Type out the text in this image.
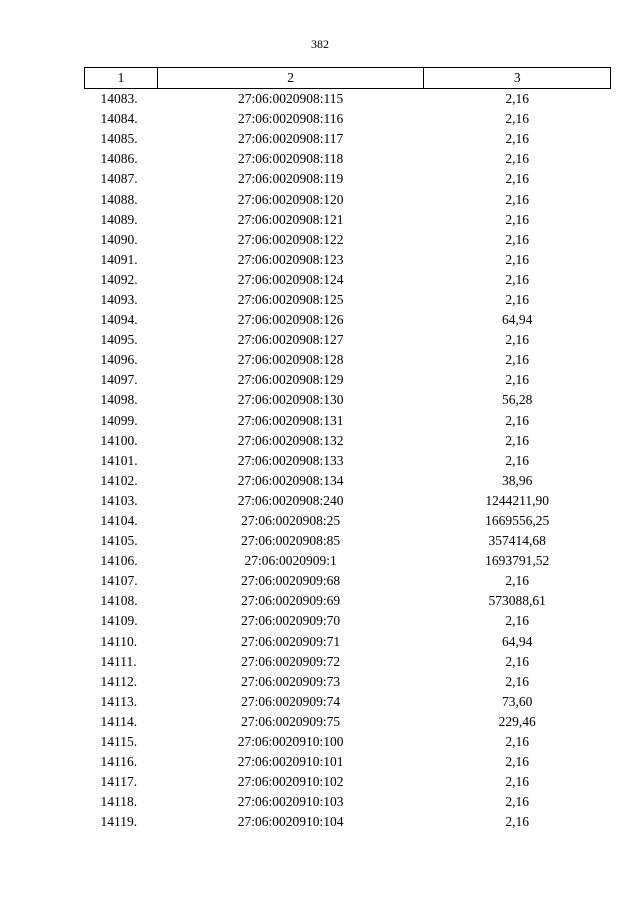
382
1	2	3
14083.	27:06:0020908:115	2,16
14084.	27:06:0020908:116	2,16
14085.	27:06:0020908:117	2,16
14086.	27:06:0020908:118	2,16
14087.	27:06:0020908:119	2,16
14088.	27:06:0020908:120	2,16
14089.	27:06:0020908:121	2,16
14090.	27:06:0020908:122	2,16
14091.	27:06:0020908:123	2,16
14092.	27:06:0020908:124	2,16
14093.	27:06:0020908:125	2,16
14094.	27:06:0020908:126	64,94
14095.	27:06:0020908:127	2,16
14096.	27:06:0020908:128	2,16
14097.	27:06:0020908:129	2,16
14098.	27:06:0020908:130	56,28
14099.	27:06:0020908:131	2,16
14100.	27:06:0020908:132	2,16
14101.	27:06:0020908:133	2,16
14102.	27:06:0020908:134	38,96
14103.	27:06:0020908:240	1244211,90
14104.	27:06:0020908:25	1669556,25
14105.	27:06:0020908:85	357414,68
14106.	27:06:0020909:1	1693791,52
14107.	27:06:0020909:68	2,16
14108.	27:06:0020909:69	573088,61
14109.	27:06:0020909:70	2,16
14110.	27:06:0020909:71	64,94
14111.	27:06:0020909:72	2,16
14112.	27:06:0020909:73	2,16
14113.	27:06:0020909:74	73,60
14114.	27:06:0020909:75	229,46
14115.	27:06:0020910:100	2,16
14116.	27:06:0020910:101	2,16
14117.	27:06:0020910:102	2,16
14118.	27:06:0020910:103	2,16
14119.	27:06:0020910:104	2,16
